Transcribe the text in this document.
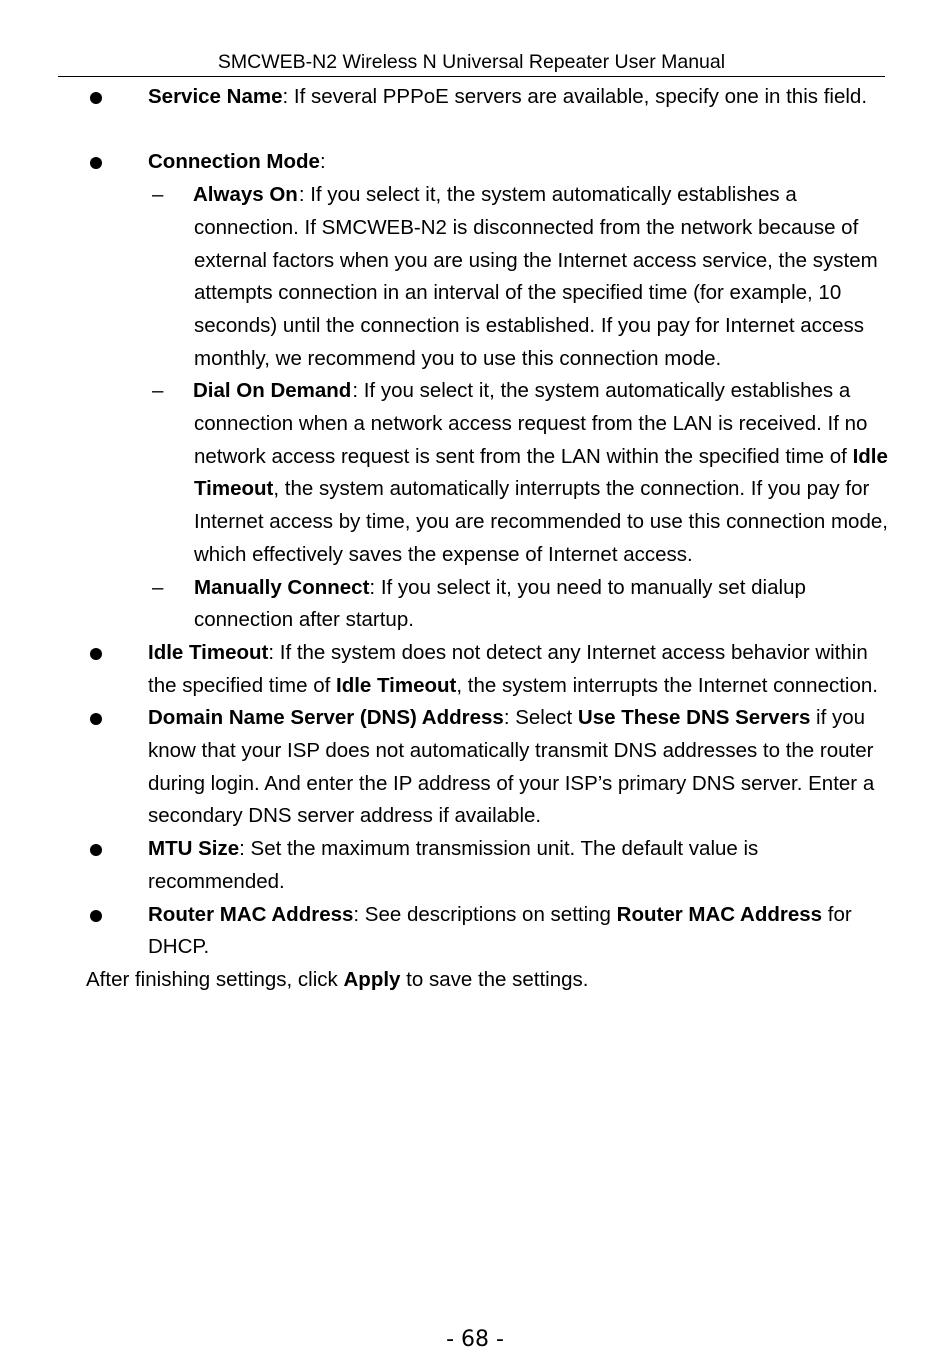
SMCWEB-N2 Wireless N Universal Repeater User Manual
Service Name: If several PPPoE servers are available, specify one in this field.
Connection Mode:
– Always On: If you select it, the system automatically establishes a connection. If SMCWEB-N2 is disconnected from the network because of external factors when you are using the Internet access service, the system attempts connection in an interval of the specified time (for example, 10 seconds) until the connection is established. If you pay for Internet access monthly, we recommend you to use this connection mode.
– Dial On Demand: If you select it, the system automatically establishes a connection when a network access request from the LAN is received. If no network access request is sent from the LAN within the specified time of Idle Timeout, the system automatically interrupts the connection. If you pay for Internet access by time, you are recommended to use this connection mode, which effectively saves the expense of Internet access.
– Manually Connect: If you select it, you need to manually set dialup connection after startup.
Idle Timeout: If the system does not detect any Internet access behavior within the specified time of Idle Timeout, the system interrupts the Internet connection.
Domain Name Server (DNS) Address: Select Use These DNS Servers if you know that your ISP does not automatically transmit DNS addresses to the router during login. And enter the IP address of your ISP’s primary DNS server. Enter a secondary DNS server address if available.
MTU Size: Set the maximum transmission unit. The default value is recommended.
Router MAC Address: See descriptions on setting Router MAC Address for DHCP.
After finishing settings, click Apply to save the settings.
- 68 -
